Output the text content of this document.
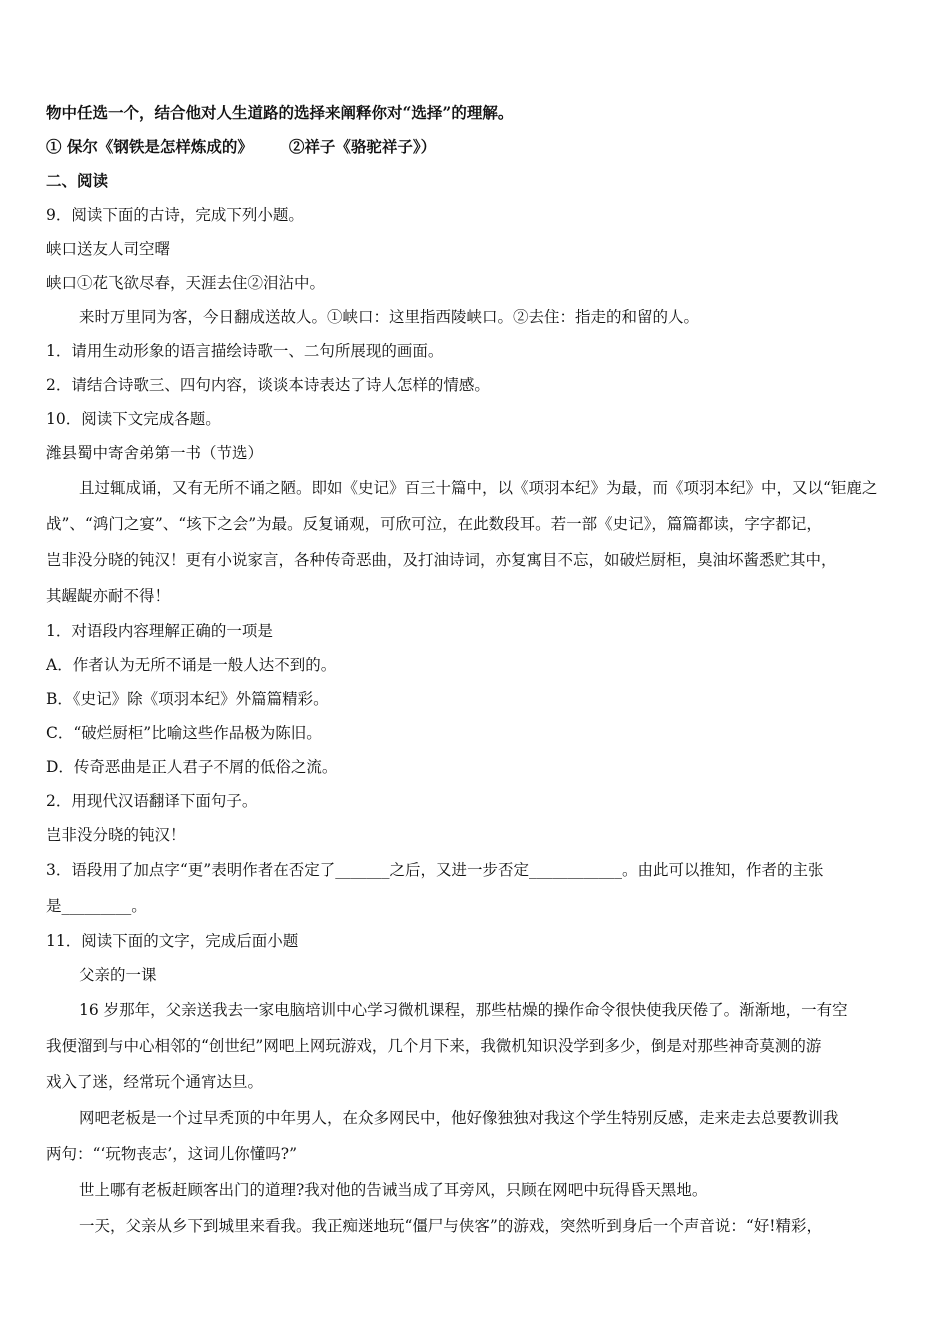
物中任选一个，结合他对人生道路的选择来阐释你对“选择”的理解。
① 保尔《钢铁是怎样炼成的》 ②祥子《骆驼祥子》）
二、阅读
9．阅读下面的古诗，完成下列小题。
峡口送友人司空曙
峡口①花飞欲尽春，天涯去住②泪沾中。
来时万里同为客，今日翻成送故人。①峡口：这里指西陵峡口。②去住：指走的和留的人。
1．请用生动形象的语言描绘诗歌一、二句所展现的画面。
2．请结合诗歌三、四句内容，谈谈本诗表达了诗人怎样的情感。
10．阅读下文完成各题。
潍县蜀中寄舍弟第一书（节选）
且过辄成诵，又有无所不诵之陋。即如《史记》百三十篇中，以《项羽本纪》为最，而《项羽本纪》中，又以“钜鹿之
战”、“鸿门之宴”、“垓下之会”为最。反复诵观，可欣可泣，在此数段耳。若一部《史记》，篇篇都读，字字都记，
岂非没分晓的钝汉！更有小说家言，各种传奇恶曲，及打油诗词，亦复寓目不忘，如破烂厨柜，臭油坏酱悉贮其中，
其龌龊亦耐不得！
1．对语段内容理解正确的一项是
A．作者认为无所不诵是一般人达不到的。
B．《史记》除《项羽本纪》外篇篇精彩。
C．“破烂厨柜”比喻这些作品极为陈旧。
D．传奇恶曲是正人君子不屑的低俗之流。
2．用现代汉语翻译下面句子。
岂非没分晓的钝汉！
3．语段用了加点字“更”表明作者在否定了_______之后，又进一步否定____________。由此可以推知，作者的主张
是_________。
11．阅读下面的文字，完成后面小题
父亲的一课
16 岁那年，父亲送我去一家电脑培训中心学习微机课程，那些枯燥的操作命令很快使我厌倦了。渐渐地，一有空
我便溜到与中心相邻的“创世纪”网吧上网玩游戏，几个月下来，我微机知识没学到多少，倒是对那些神奇莫测的游
戏入了迷，经常玩个通宵达旦。
网吧老板是一个过早秃顶的中年男人，在众多网民中，他好像独独对我这个学生特别反感，走来走去总要教训我
两句：“‘玩物丧志’，这词儿你懂吗?”
世上哪有老板赶顾客出门的道理?我对他的告诫当成了耳旁风，只顾在网吧中玩得昏天黑地。
一天，父亲从乡下到城里来看我。我正痴迷地玩“僵尸与侠客”的游戏，突然听到身后一个声音说：“好!精彩，
